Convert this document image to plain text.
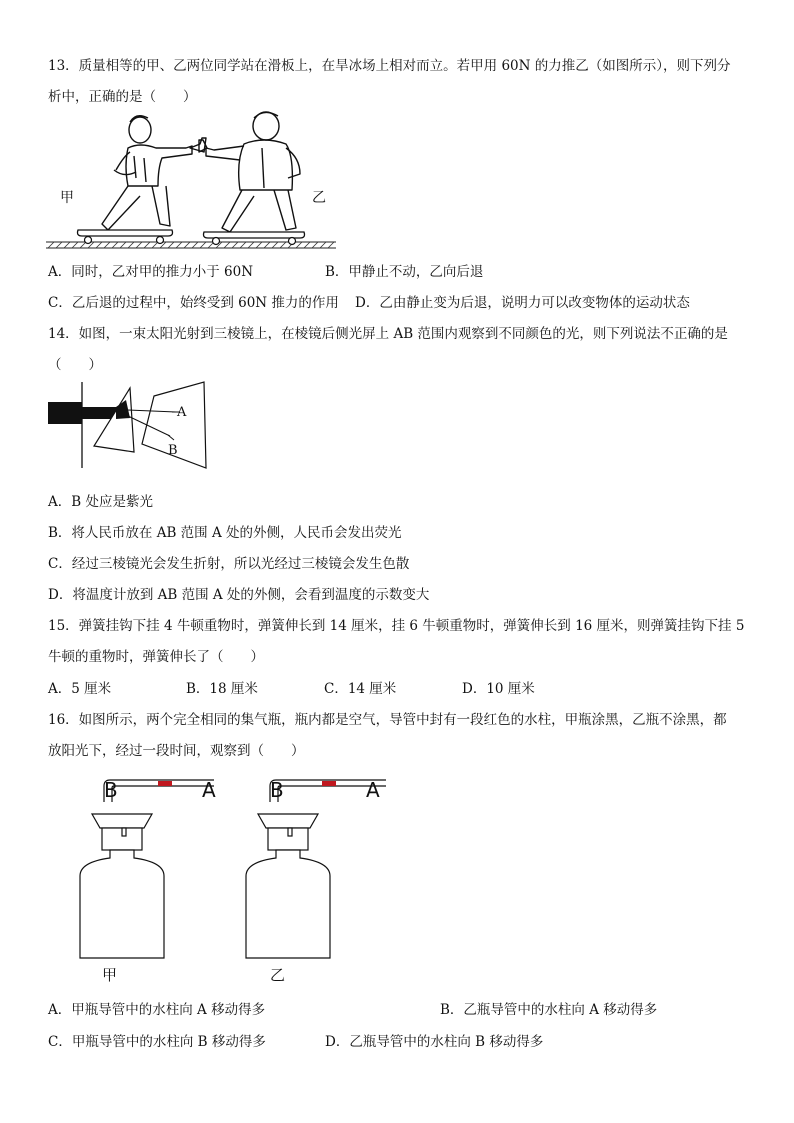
13．质量相等的甲、乙两位同学站在滑板上，在旱冰场上相对而立。若甲用 60N 的力推乙（如图所示），则下列分
析中，正确的是（　　）
甲	乙
A．同时，乙对甲的推力小于 60N	B．甲静止不动，乙向后退
C．乙后退的过程中，始终受到 60N 推力的作用 D．乙由静止变为后退，说明力可以改变物体的运动状态
14．如图，一束太阳光射到三棱镜上，在棱镜后侧光屏上 AB 范围内观察到不同颜色的光，则下列说法不正确的是
（　　）
A
B
A．B 处应是紫光
B．将人民币放在 AB 范围 A 处的外侧，人民币会发出荧光
C．经过三棱镜光会发生折射，所以光经过三棱镜会发生色散
D．将温度计放到 AB 范围 A 处的外侧，会看到温度的示数变大
15．弹簧挂钩下挂 4 牛顿重物时，弹簧伸长到 14 厘米，挂 6 牛顿重物时，弹簧伸长到 16 厘米，则弹簧挂钩下挂 5
牛顿的重物时，弹簧伸长了（　　）
A．5 厘米	B．18 厘米	C．14 厘米	D．10 厘米
16．如图所示，两个完全相同的集气瓶，瓶内都是空气，导管中封有一段红色的水柱，甲瓶涂黑，乙瓶不涂黑，都
放阳光下，经过一段时间，观察到（　　）
B	A
甲
B	A
乙
A．甲瓶导管中的水柱向 A 移动得多	B．乙瓶导管中的水柱向 A 移动得多
C．甲瓶导管中的水柱向 B 移动得多	D．乙瓶导管中的水柱向 B 移动得多
